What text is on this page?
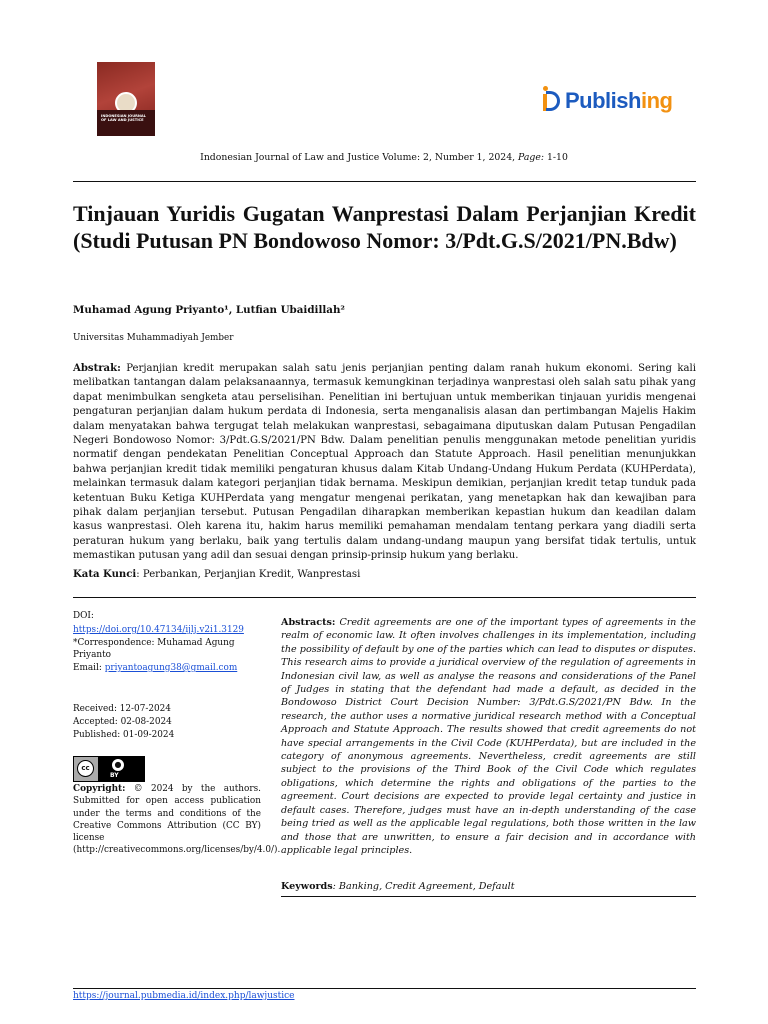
INDONESIAN JOURNAL OF LAW AND JUSTICE
Publishing
Indonesian Journal of Law and Justice Volume: 2, Number 1, 2024, Page: 1-10
Tinjauan Yuridis Gugatan Wanprestasi Dalam Perjanjian Kredit (Studi Putusan PN Bondowoso Nomor: 3/Pdt.G.S/2021/PN.Bdw)
Muhamad Agung Priyanto¹, Lutfian Ubaidillah²
Universitas Muhammadiyah Jember
Abstrak: Perjanjian kredit merupakan salah satu jenis perjanjian penting dalam ranah hukum ekonomi. Sering kali melibatkan tantangan dalam pelaksanaannya, termasuk kemungkinan terjadinya wanprestasi oleh salah satu pihak yang dapat menimbulkan sengketa atau perselisihan. Penelitian ini bertujuan untuk memberikan tinjauan yuridis mengenai pengaturan perjanjian dalam hukum perdata di Indonesia, serta menganalisis alasan dan pertimbangan Majelis Hakim dalam menyatakan bahwa tergugat telah melakukan wanprestasi, sebagaimana diputuskan dalam Putusan Pengadilan Negeri Bondowoso Nomor: 3/Pdt.G.S/2021/PN Bdw. Dalam penelitian penulis menggunakan metode penelitian yuridis normatif dengan pendekatan Penelitian Conceptual Approach dan Statute Approach. Hasil penelitian menunjukkan bahwa perjanjian kredit tidak memiliki pengaturan khusus dalam Kitab Undang-Undang Hukum Perdata (KUHPerdata), melainkan termasuk dalam kategori perjanjian tidak bernama. Meskipun demikian, perjanjian kredit tetap tunduk pada ketentuan Buku Ketiga KUHPerdata yang mengatur mengenai perikatan, yang menetapkan hak dan kewajiban para pihak dalam perjanjian tersebut. Putusan Pengadilan diharapkan memberikan kepastian hukum dan keadilan dalam kasus wanprestasi. Oleh karena itu, hakim harus memiliki pemahaman mendalam tentang perkara yang diadili serta peraturan hukum yang berlaku, baik yang tertulis dalam undang-undang maupun yang bersifat tidak tertulis, untuk memastikan putusan yang adil dan sesuai dengan prinsip-prinsip hukum yang berlaku.
Kata Kunci: Perbankan, Perjanjian Kredit, Wanprestasi
DOI:
https://doi.org/10.47134/ijlj.v2i1.3129
*Correspondence: Muhamad Agung Priyanto
Email: priyantoagung38@gmail.com
Received: 12-07-2024
Accepted: 02-08-2024
Published: 01-09-2024
cc	●
BY
Copyright: © 2024 by the authors. Submitted for open access publication under the terms and conditions of the Creative Commons Attribution (CC BY) license (http://creativecommons.org/licenses/by/4.0/).
Abstracts: Credit agreements are one of the important types of agreements in the realm of economic law. It often involves challenges in its implementation, including the possibility of default by one of the parties which can lead to disputes or disputes. This research aims to provide a juridical overview of the regulation of agreements in Indonesian civil law, as well as analyse the reasons and considerations of the Panel of Judges in stating that the defendant had made a default, as decided in the Bondowoso District Court Decision Number: 3/Pdt.G.S/2021/PN Bdw. In the research, the author uses a normative juridical research method with a Conceptual Approach and Statute Approach. The results showed that credit agreements do not have special arrangements in the Civil Code (KUHPerdata), but are included in the category of anonymous agreements. Nevertheless, credit agreements are still subject to the provisions of the Third Book of the Civil Code which regulates obligations, which determine the rights and obligations of the parties to the agreement. Court decisions are expected to provide legal certainty and justice in default cases. Therefore, judges must have an in-depth understanding of the case being tried as well as the applicable legal regulations, both those written in the law and those that are unwritten, to ensure a fair decision and in accordance with applicable legal principles.
Keywords: Banking, Credit Agreement, Default
https://journal.pubmedia.id/index.php/lawjustice
